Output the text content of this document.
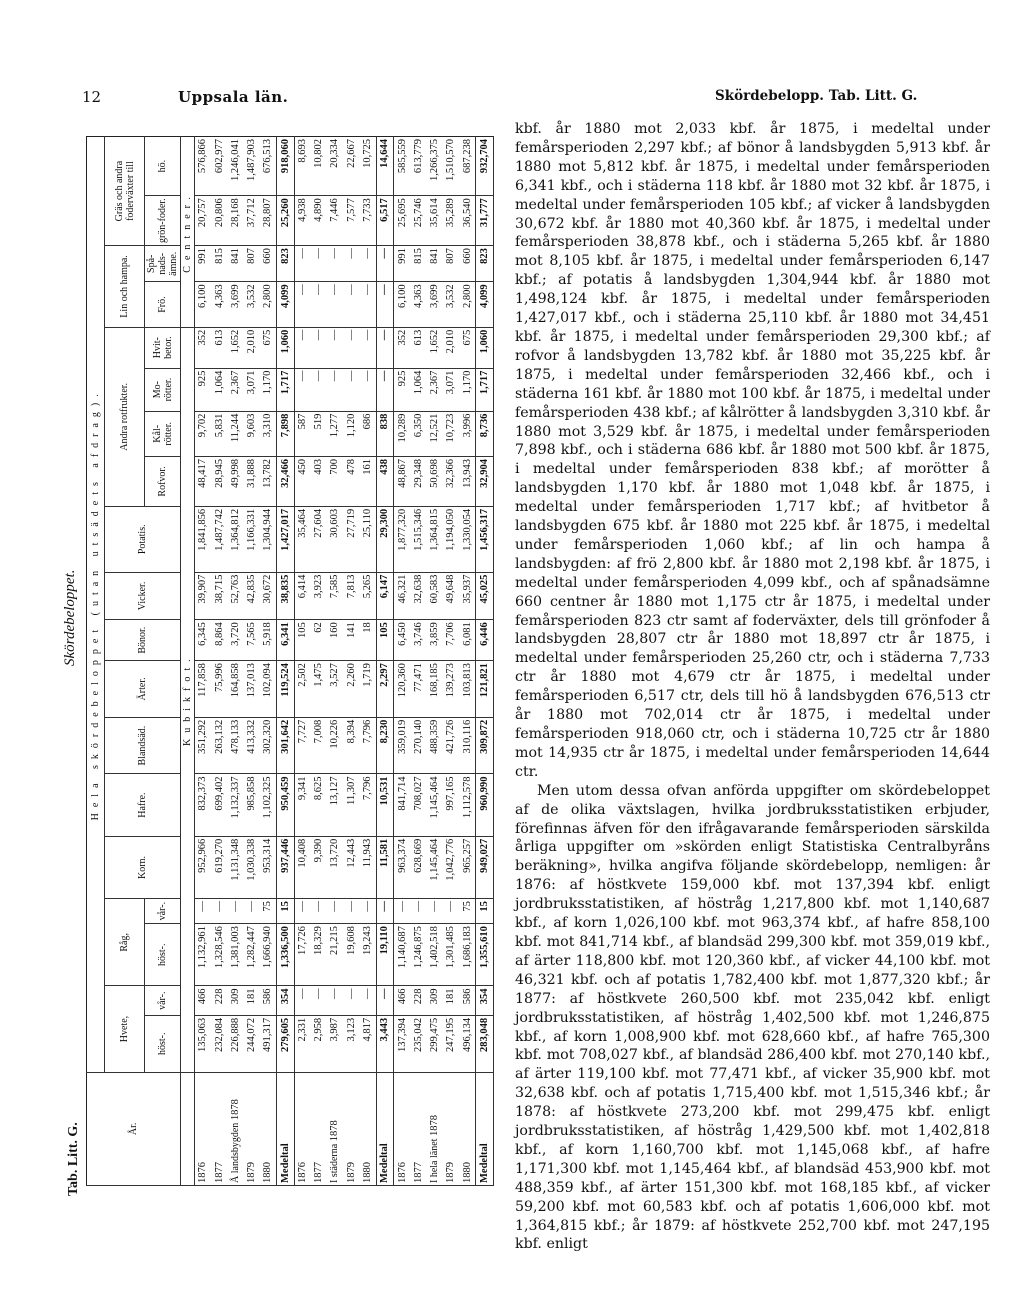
12	Uppsala län.	Skördebelopp. Tab. Litt. G.
Tab. Litt. G.
Skördebeloppet.
År.	Hela skördebeloppet (utan utsädets afdrag).																		
	Hvete,		Råg,		Korn.	Hafre.	Blandsäd.	Ärter.	Bönor.	Vicker.	Potatis.	Andra rotfrukter.				Lin och hampa.		Gräs och andra foderväxter till	
	höst-.	vår-.	höst-.	vår-.								Rofvor.	Kål-rötter.	Mo-rötter.	Hvit-betor.	Frö.	Spå-nads-ämne.	grön-foder.	hö.
	Kubikfot.															Centner.			
1876	135,063	466	1,132,961	—	952,966	832,373	351,292	117,858	6,345	39,907	1,841,856	48,417	9,702	925	352	6,100	991	20,757	576,866
1877	232,084	228	1,328,546	—	619,270	699,402	263,132	75,996	8,864	38,715	1,487,742	28,945	5,831	1,064	613	4,363	815	20,806	602,977
Å landsbygden 1878	226,888	309	1,381,003	—	1,131,348	1,132,337	478,133	164,858	3,720	52,763	1,364,812	49,998	11,244	2,367	1,652	3,699	841	28,168	1,246,041
1879	244,072	181	1,282,447	—	1,030,338	985,858	413,332	137,013	7,565	42,835	1,166,331	31,888	9,603	3,071	2,010	3,532	807	37,712	1,487,903
1880	491,317	586	1,666,940	75	953,314	1,102,325	302,320	102,094	5,918	30,672	1,304,944	13,782	3,310	1,170	675	2,800	660	28,807	676,513
Medeltal	279,605	354	1,336,500	15	937,446	950,459	301,642	119,524	6,341	38,835	1,427,017	32,466	7,898	1,717	1,060	4,099	823	25,260	918,060
1876	2,331	—	17,726	—	10,408	9,341	7,727	2,502	105	6,414	35,464	450	587	—	—	—	—	4,938	8,693
1877	2,958	—	18,329	—	9,390	8,625	7,008	1,475	62	3,923	27,604	403	519	—	—	—	—	4,890	10,802
I städerna 1878	3,987	—	21,215	—	13,720	13,127	10,226	3,527	160	7,585	30,603	700	1,277	—	—	—	—	7,446	20,334
1879	3,123	—	19,608	—	12,443	11,307	8,394	2,260	141	7,813	27,719	478	1,120	—	—	—	—	7,577	22,667
1880	4,817	—	19,243	—	11,943	7,796	7,796	1,719	18	5,265	25,110	161	686	—	—	—	—	7,733	10,725
Medeltal	3,443	—	19,110	—	11,581	10,531	8,230	2,297	105	6,147	29,300	438	838	—	—	—	—	6,517	14,644
1876	137,394	466	1,140,687	—	963,374	841,714	359,019	120,360	6,450	46,321	1,877,320	48,867	10,289	925	352	6,100	991	25,695	585,559
1877	235,042	228	1,246,875	—	628,669	708,027	270,140	77,471	3,746	32,638	1,515,346	29,348	6,350	1,064	613	4,363	815	25,746	613,779
I hela länet 1878	299,475	309	1,402,518	—	1,145,464	1,145,464	488,359	168,185	3,859	60,583	1,364,815	50,698	12,521	2,367	1,652	3,699	841	35,614	1,266,375
1879	247,195	181	1,301,485	—	1,042,776	997,165	421,726	139,273	7,706	49,648	1,194,050	32,366	10,723	3,071	2,010	3,532	807	35,289	1,510,570
1880	496,134	586	1,686,183	75	965,257	1,112,578	310,116	103,813	6,081	35,937	1,330,054	13,943	3,996	1,170	675	2,800	660	36,540	687,238
Medeltal	283,048	354	1,355,610	15	949,027	960,990	309,872	121,821	6,446	45,025	1,456,317	32,904	8,736	1,717	1,060	4,099	823	31,777	932,704

kbf. år 1880 mot 2,033 kbf. år 1875, i medeltal under femårsperioden 2,297 kbf.; af bönor å landsbygden 5,913 kbf. år 1880 mot 5,812 kbf. år 1875, i medeltal under femårsperioden 6,341 kbf., och i städerna 118 kbf. år 1880 mot 32 kbf. år 1875, i medeltal under femårsperioden 105 kbf.; af vicker å landsbygden 30,672 kbf. år 1880 mot 40,360 kbf. år 1875, i medeltal under femårsperioden 38,878 kbf., och i städerna 5,265 kbf. år 1880 mot 8,105 kbf. år 1875, i medeltal under femårsperioden 6,147 kbf.; af potatis å landsbygden 1,304,944 kbf. år 1880 mot 1,498,124 kbf. år 1875, i medeltal under femårsperioden 1,427,017 kbf., och i städerna 25,110 kbf. år 1880 mot 34,451 kbf. år 1875, i medeltal under femårsperioden 29,300 kbf.; af rofvor å landsbygden 13,782 kbf. år 1880 mot 35,225 kbf. år 1875, i medeltal under femårsperioden 32,466 kbf., och i städerna 161 kbf. år 1880 mot 100 kbf. år 1875, i medeltal under femårsperioden 438 kbf.; af kålrötter å landsbygden 3,310 kbf. år 1880 mot 3,529 kbf. år 1875, i medeltal under femårsperioden 7,898 kbf., och i städerna 686 kbf. år 1880 mot 500 kbf. år 1875, i medeltal under femårsperioden 838 kbf.; af morötter å landsbygden 1,170 kbf. år 1880 mot 1,048 kbf. år 1875, i medeltal under femårsperioden 1,717 kbf.; af hvitbetor å landsbygden 675 kbf. år 1880 mot 225 kbf. år 1875, i medeltal under femårsperioden 1,060 kbf.; af lin och hampa å landsbygden: af frö 2,800 kbf. år 1880 mot 2,198 kbf. år 1875, i medeltal under femårsperioden 4,099 kbf., och af spånadsämne 660 centner år 1880 mot 1,175 ctr år 1875, i medeltal under femårsperioden 823 ctr samt af foderväxter, dels till grönfoder å landsbygden 28,807 ctr år 1880 mot 18,897 ctr år 1875, i medeltal under femårsperioden 25,260 ctr, och i städerna 7,733 ctr år 1880 mot 4,679 ctr år 1875, i medeltal under femårsperioden 6,517 ctr, dels till hö å landsbygden 676,513 ctr år 1880 mot 702,014 ctr år 1875, i medeltal under femårsperioden 918,060 ctr, och i städerna 10,725 ctr år 1880 mot 14,935 ctr år 1875, i medeltal under femårsperioden 14,644 ctr.

Men utom dessa ofvan anförda uppgifter om skördebeloppet af de olika växtslagen, hvilka jordbruksstatistiken erbjuder, förefinnas äfven för den ifrågavarande femårsperioden särskilda årliga uppgifter om »skörden enligt Statistiska Centralbyråns beräkning», hvilka angifva följande skördebelopp, nemligen: år 1876: af höstkvete 159,000 kbf. mot 137,394 kbf. enligt jordbruksstatistiken, af höstråg 1,217,800 kbf. mot 1,140,687 kbf., af korn 1,026,100 kbf. mot 963,374 kbf., af hafre 858,100 kbf. mot 841,714 kbf., af blandsäd 299,300 kbf. mot 359,019 kbf., af ärter 118,800 kbf. mot 120,360 kbf., af vicker 44,100 kbf. mot 46,321 kbf. och af potatis 1,782,400 kbf. mot 1,877,320 kbf.; år 1877: af höstkvete 260,500 kbf. mot 235,042 kbf. enligt jordbruksstatistiken, af höstråg 1,402,500 kbf. mot 1,246,875 kbf., af korn 1,008,900 kbf. mot 628,660 kbf., af hafre 765,300 kbf. mot 708,027 kbf., af blandsäd 286,400 kbf. mot 270,140 kbf., af ärter 119,100 kbf. mot 77,471 kbf., af vicker 35,900 kbf. mot 32,638 kbf. och af potatis 1,715,400 kbf. mot 1,515,346 kbf.; år 1878: af höstkvete 273,200 kbf. mot 299,475 kbf. enligt jordbruksstatistiken, af höstråg 1,429,500 kbf. mot 1,402,818 kbf., af korn 1,160,700 kbf. mot 1,145,068 kbf., af hafre 1,171,300 kbf. mot 1,145,464 kbf., af blandsäd 453,900 kbf. mot 488,359 kbf., af ärter 151,300 kbf. mot 168,185 kbf., af vicker 59,200 kbf. mot 60,583 kbf. och af potatis 1,606,000 kbf. mot 1,364,815 kbf.; år 1879: af höstkvete 252,700 kbf. mot 247,195 kbf. enligt
